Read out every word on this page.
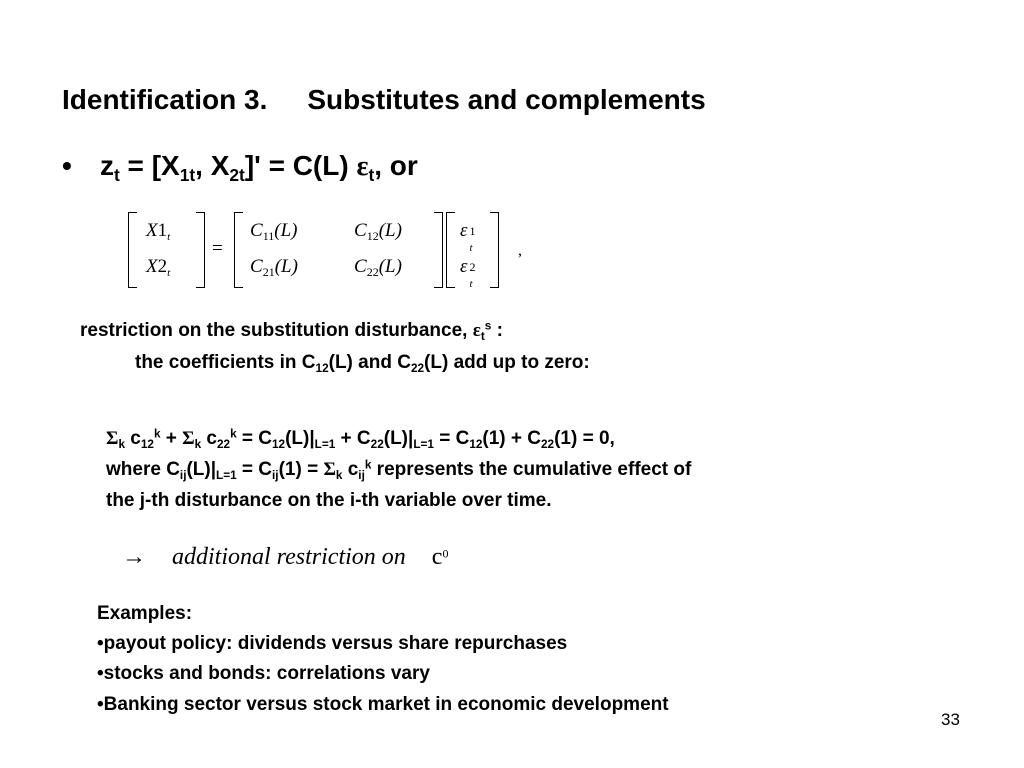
Identification 3. Substitutes and complements
• $z_t = [X_{1t}$, $X_{2t}]' = C(L)$ $\varepsilon_t$, or
$X1_t$
$X2_t$
=
$C_{11}(L)$	$C_{12}(L)$
$C_{21}(L)$	$C_{22}(L)$
ε 1
t
ε 2
t
,
restriction on the substitution disturbance, $\varepsilon_t^s$ :
the coefficients in $C_{12}(L)$ and $C_{22}(L)$ add up to zero:
$\Sigma_k$ $c_{12}^k + \Sigma_k$ $c_{22}^k = C_{12}(L)|_{L=1} + C_{22}(L)|_{L=1} = C_{12}(1) + C_{22}(1) = 0$,
where $C_{ij}(L)|_{L=1} = C_{ij}(1) = \Sigma_k$ $c_{ij}^k$ represents the cumulative effect of
the j-th disturbance on the i-th variable over time.
→ additional restriction on $c^0$
Examples:
•payout policy: dividends versus share repurchases
•stocks and bonds: correlations vary
•Banking sector versus stock market in economic development
33
